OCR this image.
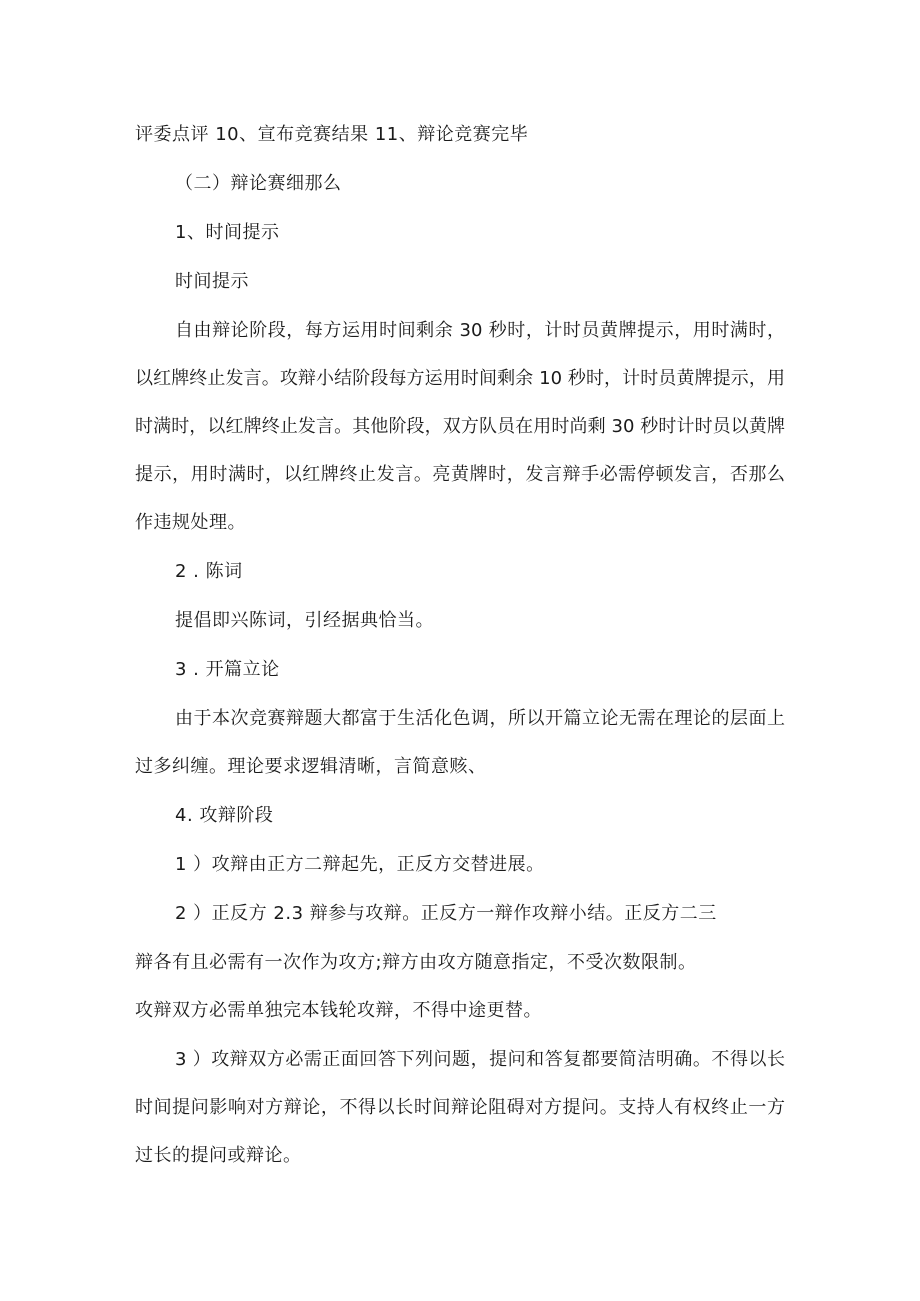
评委点评 10、宣布竞赛结果 11、辩论竞赛完毕
（二）辩论赛细那么
1、时间提示
时间提示
自由辩论阶段，每方运用时间剩余 30 秒时，计时员黄牌提示，用时满时，
以红牌终止发言。攻辩小结阶段每方运用时间剩余 10 秒时，计时员黄牌提示，用
时满时，以红牌终止发言。其他阶段，双方队员在用时尚剩 30 秒时计时员以黄牌
提示，用时满时，以红牌终止发言。亮黄牌时，发言辩手必需停顿发言，否那么
作违规处理。
2 . 陈词
提倡即兴陈词，引经据典恰当。
3 . 开篇立论
由于本次竞赛辩题大都富于生活化色调，所以开篇立论无需在理论的层面上
过多纠缠。理论要求逻辑清晰，言简意赅、
4. 攻辩阶段
1 ）攻辩由正方二辩起先，正反方交替进展。
2 ）正反方 2.3 辩参与攻辩。正反方一辩作攻辩小结。正反方二三
辩各有且必需有一次作为攻方;辩方由攻方随意指定，不受次数限制。
攻辩双方必需单独完本钱轮攻辩，不得中途更替。
3 ）攻辩双方必需正面回答下列问题，提问和答复都要简洁明确。不得以长
时间提问影响对方辩论，不得以长时间辩论阻碍对方提问。支持人有权终止一方
过长的提问或辩论。
